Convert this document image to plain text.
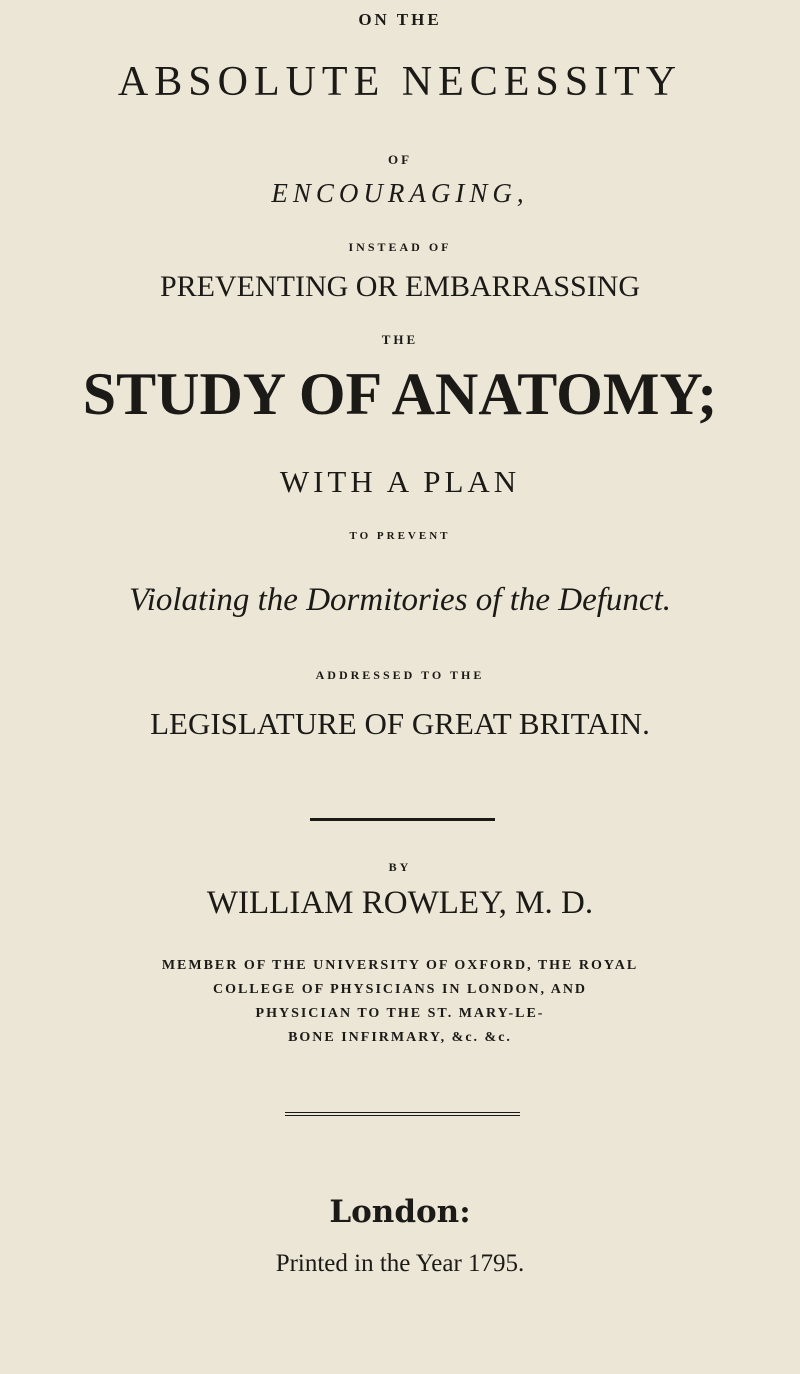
ON THE
ABSOLUTE NECESSITY
OF
ENCOURAGING,
INSTEAD OF
PREVENTING OR EMBARRASSING
THE
STUDY OF ANATOMY;
WITH A PLAN
TO PREVENT
Violating the Dormitories of the Defunct.
ADDRESSED TO THE
LEGISLATURE OF GREAT BRITAIN.
BY
WILLIAM ROWLEY, M. D.
MEMBER OF THE UNIVERSITY OF OXFORD, THE ROYAL
COLLEGE OF PHYSICIANS IN LONDON, AND
PHYSICIAN TO THE ST. MARY-LE-
BONE INFIRMARY, &c. &c.
London:
Printed in the Year 1795.
